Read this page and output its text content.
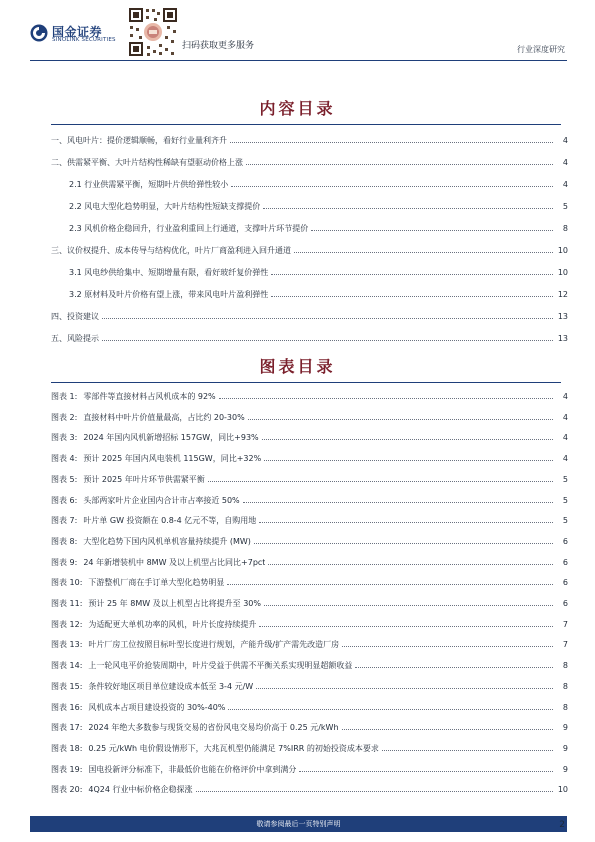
国金证券
SINOLINK SECURITIES
扫码获取更多服务	行业深度研究
内容目录
一、风电叶片：提价逻辑顺畅，看好行业量利齐升	4
二、供需紧平衡、大叶片结构性稀缺有望驱动价格上涨	4
2.1 行业供需紧平衡，短期叶片供给弹性较小	4
2.2 风电大型化趋势明显，大叶片结构性短缺支撑提价	5
2.3 风机价格企稳回升，行业盈利重回上行通道，支撑叶片环节提价	8
三、议价权提升、成本传导与结构优化，叶片厂商盈利进入回升通道	10
3.1 风电纱供给集中、短期增量有限，看好玻纤复价弹性	10
3.2 原材料及叶片价格有望上涨，带来风电叶片盈利弹性	12
四、投资建议	13
五、风险提示	13
图表目录
图表 1: 零部件等直接材料占风机成本的 92%	4
图表 2: 直接材料中叶片价值量最高，占比约 20-30%	4
图表 3: 2024 年国内风机新增招标 157GW，同比+93%	4
图表 4: 预计 2025 年国内风电装机 115GW，同比+32%	4
图表 5: 预计 2025 年叶片环节供需紧平衡	5
图表 6: 头部两家叶片企业国内合计市占率接近 50%	5
图表 7: 叶片单 GW 投资额在 0.8-4 亿元不等，自购用地	5
图表 8: 大型化趋势下国内风机单机容量持续提升 (MW)	6
图表 9: 24 年新增装机中 8MW 及以上机型占比同比+7pct	6
图表 10: 下游整机厂商在手订单大型化趋势明显	6
图表 11: 预计 25 年 8MW 及以上机型占比将提升至 30%	6
图表 12: 为适配更大单机功率的风机，叶片长度持续提升	7
图表 13: 叶片厂房工位按照目标叶型长度进行规划，产能升级/扩产需先改造厂房	7
图表 14: 上一轮风电平价抢装周期中，叶片受益于供需不平衡关系实现明显超额收益	8
图表 15: 条件较好地区项目单位建设成本低至 3-4 元/W	8
图表 16: 风机成本占项目建设投资的 30%-40%	8
图表 17: 2024 年绝大多数参与现货交易的省份风电交易均价高于 0.25 元/kWh	9
图表 18: 0.25 元/kWh 电价假设情形下，大兆瓦机型仍能满足 7%IRR 的初始投资成本要求	9
图表 19: 国电投新评分标准下，非最低价也能在价格评价中拿到满分	9
图表 20: 4Q24 行业中标价格企稳探涨	10
敬请参阅最后一页特别声明	2
